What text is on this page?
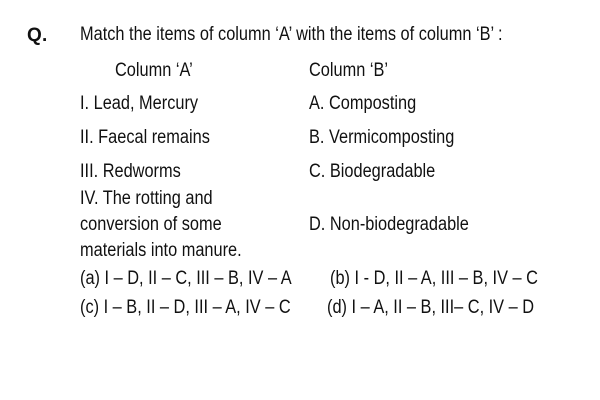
Q. Match the items of column ‘A’ with the items of column ‘B’ :
Column ‘A’	Column ‘B’
I. Lead, Mercury	A. Composting
II. Faecal remains	B. Vermicomposting
III. Redworms	C. Biodegradable
IV. The rotting and
conversion of some	D. Non-biodegradable
materials into manure.
(a) I – D, II – C, III – B, IV – A (b) I - D, II – A, III – B, IV – C
(c) I – B, II – D, III – A, IV – C (d) I – A, II – B, III– C, IV – D
